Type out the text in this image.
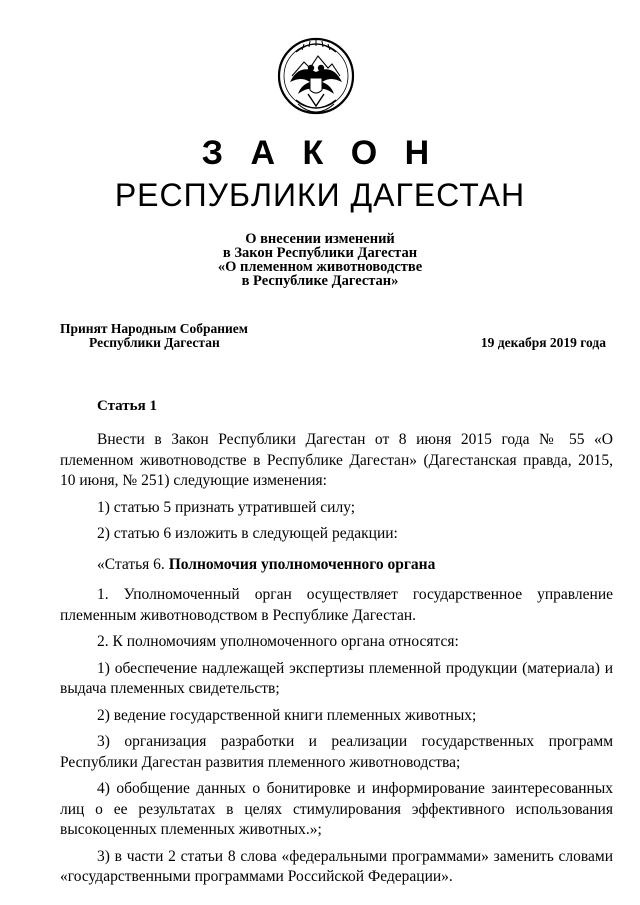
З А К О Н
РЕСПУБЛИКИ ДАГЕСТАН
О внесении изменений
в Закон Республики Дагестан
«О племенном животноводстве
в Республике Дагестан»
Принят Народным Собранием
Республики Дагестан	19 декабря 2019 года
Статья 1

Внести в Закон Республики Дагестан от 8 июня 2015 года № 55 «О племенном животноводстве в Республике Дагестан» (Дагестанская правда, 2015, 10 июня, № 251) следующие изменения:

1) статью 5 признать утратившей силу;

2) статью 6 изложить в следующей редакции:

«Статья 6. Полномочия уполномоченного органа

1. Уполномоченный орган осуществляет государственное управление племенным животноводством в Республике Дагестан.

2. К полномочиям уполномоченного органа относятся:

1) обеспечение надлежащей экспертизы племенной продукции (материала) и выдача племенных свидетельств;

2) ведение государственной книги племенных животных;

3) организация разработки и реализации государственных программ Республики Дагестан развития племенного животноводства;

4) обобщение данных о бонитировке и информирование заинтересованных лиц о ее результатах в целях стимулирования эффективного использования высокоценных племенных животных.»;

3) в части 2 статьи 8 слова «федеральными программами» заменить словами «государственными программами Российской Федерации».
